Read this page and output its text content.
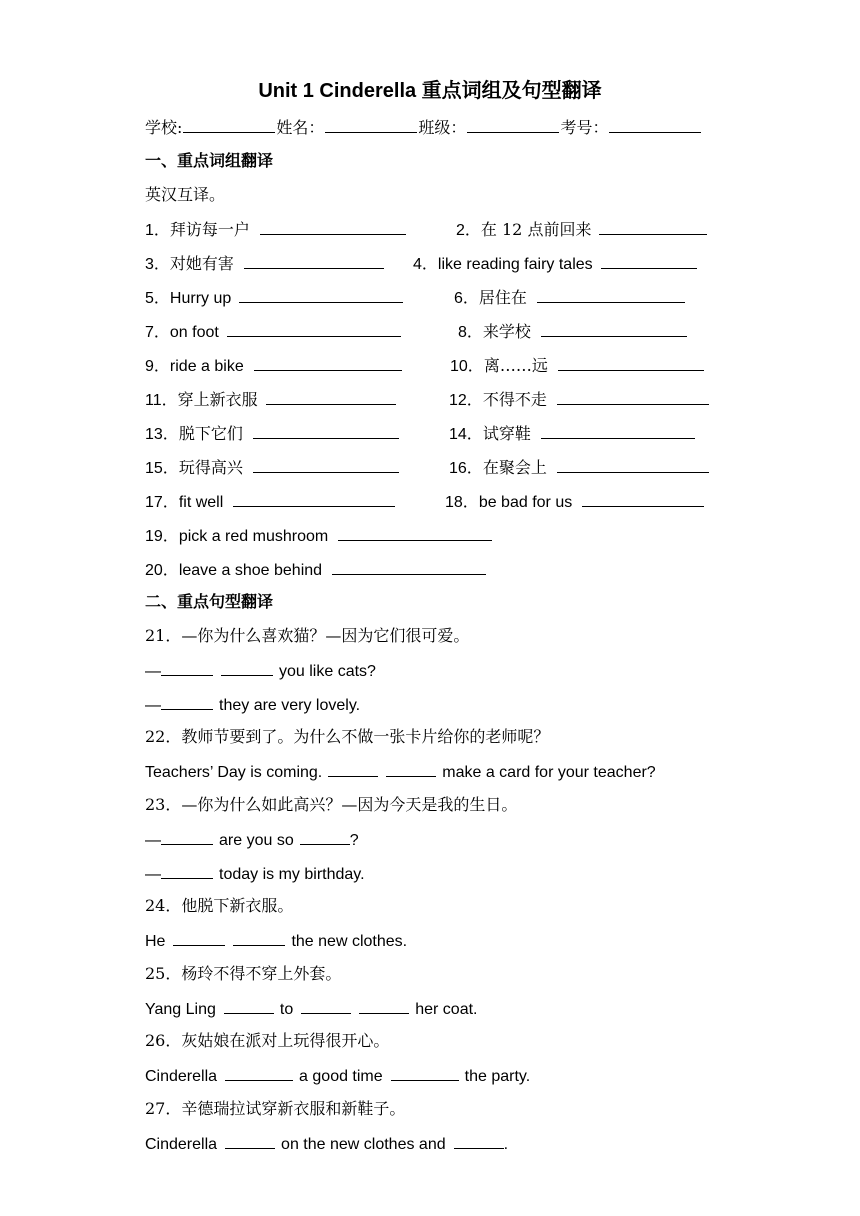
Unit 1 Cinderella 重点词组及句型翻译
学校:	姓名：	班级：	考号：
一、重点词组翻译
英汉互译。
1．拜访每一户	2．在 12 点前回来
3．对她有害	4．like reading fairy tales
5．Hurry up	6．居住在
7．on foot	8．来学校
9．ride a bike	10．离……远
11．穿上新衣服	12．不得不走
13．脱下它们	14．试穿鞋
15．玩得高兴	16．在聚会上
17．fit well	18．be bad for us
19．pick a red mushroom
20．leave a shoe behind
二、重点句型翻译
21．—你为什么喜欢猫？—因为它们很可爱。
—	you like cats?
—	they are very lovely.
22．教师节要到了。为什么不做一张卡片给你的老师呢？
Teachers’ Day is coming.	make a card for your teacher?
23．—你为什么如此高兴？—因为今天是我的生日。
—	are you so	?
—	today is my birthday.
24．他脱下新衣服。
He	the new clothes.
25．杨玲不得不穿上外套。
Yang Ling	to	her coat.
26．灰姑娘在派对上玩得很开心。
Cinderella	a good time	the party.
27．辛德瑞拉试穿新衣服和新鞋子。
Cinderella	on the new clothes and	.
